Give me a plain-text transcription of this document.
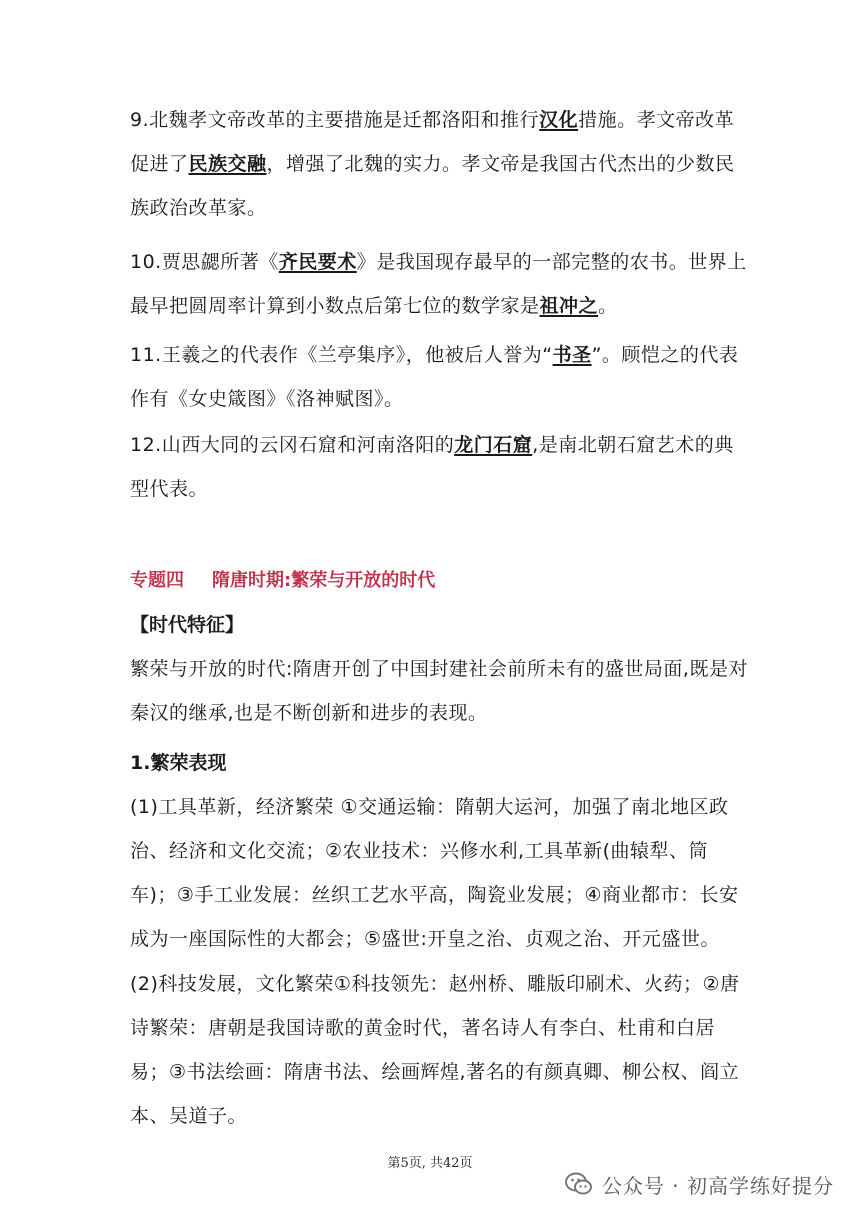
9.北魏孝文帝改革的主要措施是迁都洛阳和推行汉化措施。孝文帝改革促进了民族交融，增强了北魏的实力。孝文帝是我国古代杰出的少数民族政治改革家。

10.贾思勰所著《齐民要术》是我国现存最早的一部完整的农书。世界上最早把圆周率计算到小数点后第七位的数学家是祖冲之。

11.王羲之的代表作《兰亭集序》，他被后人誉为“书圣”。顾恺之的代表作有《女史箴图》《洛神赋图》。

12.山西大同的云冈石窟和河南洛阳的龙门石窟,是南北朝石窟艺术的典型代表。

专题四 隋唐时期:繁荣与开放的时代
【时代特征】

繁荣与开放的时代:隋唐开创了中国封建社会前所未有的盛世局面,既是对秦汉的继承,也是不断创新和进步的表现。

1.繁荣表现

(1)工具革新，经济繁荣 ①交通运输：隋朝大运河，加强了南北地区政治、经济和文化交流；②农业技术：兴修水利,工具革新(曲辕犁、筒车)；③手工业发展：丝织工艺水平高，陶瓷业发展；④商业都市：长安成为一座国际性的大都会；⑤盛世:开皇之治、贞观之治、开元盛世。

(2)科技发展，文化繁荣①科技领先：赵州桥、雕版印刷术、火药；②唐诗繁荣：唐朝是我国诗歌的黄金时代，著名诗人有李白、杜甫和白居易；③书法绘画：隋唐书法、绘画辉煌,著名的有颜真卿、柳公权、阎立本、吴道子。

第5页, 共42页
公众号 · 初高学练好提分
